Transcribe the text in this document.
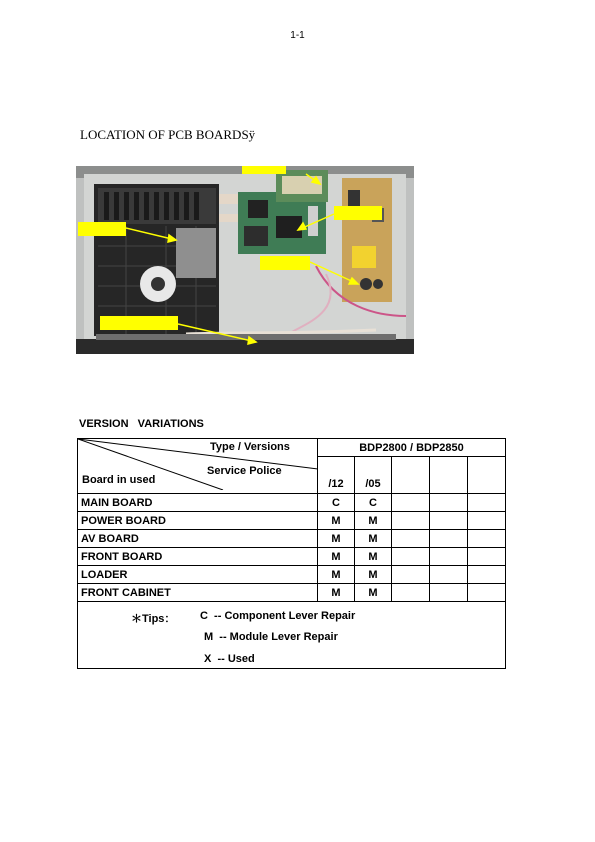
1-1
LOCATION OF PCB BOARDSÿ
VERSION   VARIATIONS
Type / Versions
Service Police
Board in used	BDP2800 / BDP2850				
	/12	/05			
MAIN BOARD	C	C			
POWER BOARD	M	M			
AV BOARD	M	M			
FRONT BOARD	M	M			
LOADER	M	M			
FRONT CABINET	M	M			

＊Tips： C  -- Component Lever Repair
M  -- Module Lever Repair
X  -- Used					
